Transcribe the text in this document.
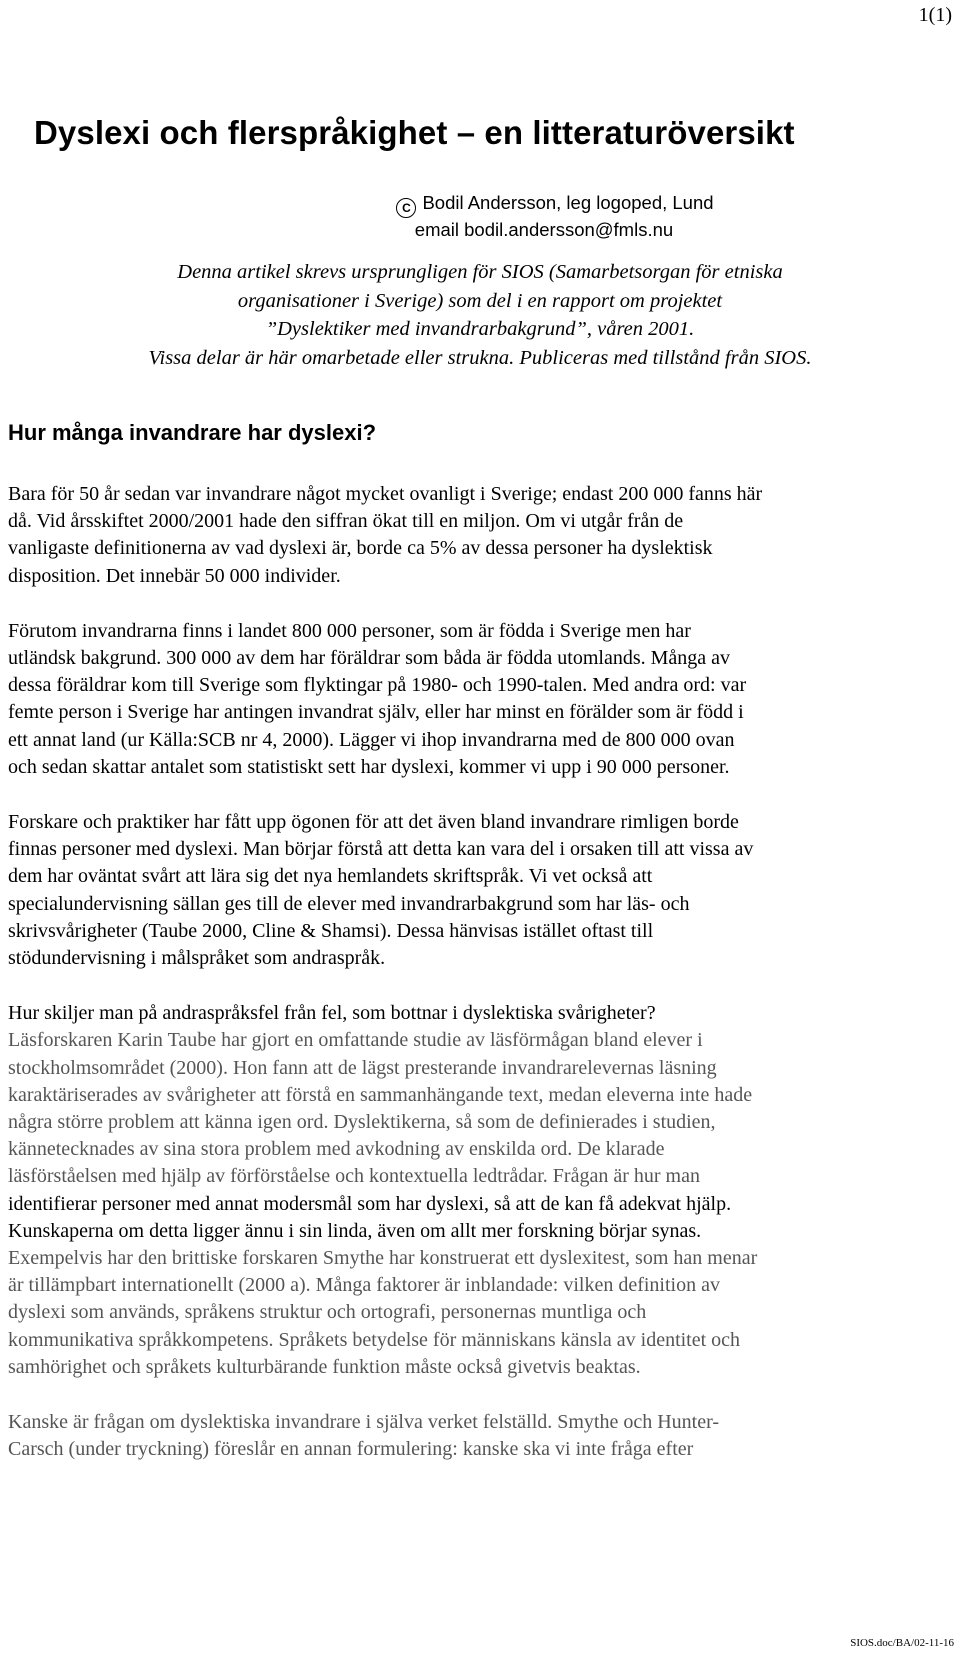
1(1)
Dyslexi och flerspråkighet – en litteraturöversikt
C Bodil Andersson, leg logoped, Lund
email bodil.andersson@fmls.nu

Denna artikel skrevs ursprungligen för SIOS (Samarbetsorgan för etniska

organisationer i Sverige) som del i en rapport om projektet

”Dyslektiker med invandrarbakgrund”, våren 2001.

Vissa delar är här omarbetade eller strukna. Publiceras med tillstånd från SIOS.

Hur många invandrare har dyslexi?

Bara för 50 år sedan var invandrare något mycket ovanligt i Sverige; endast 200 000 fanns här
då. Vid årsskiftet 2000/2001 hade den siffran ökat till en miljon. Om vi utgår från de
vanligaste definitionerna av vad dyslexi är, borde ca 5% av dessa personer ha dyslektisk
disposition. Det innebär 50 000 individer.

Förutom invandrarna finns i landet 800 000 personer, som är födda i Sverige men har
utländsk bakgrund. 300 000 av dem har föräldrar som båda är födda utomlands. Många av
dessa föräldrar kom till Sverige som flyktingar på 1980- och 1990-talen. Med andra ord: var
femte person i Sverige har antingen invandrat själv, eller har minst en förälder som är född i
ett annat land (ur Källa:SCB nr 4, 2000). Lägger vi ihop invandrarna med de 800 000 ovan
och sedan skattar antalet som statistiskt sett har dyslexi, kommer vi upp i 90 000 personer.

Forskare och praktiker har fått upp ögonen för att det även bland invandrare rimligen borde
finnas personer med dyslexi. Man börjar förstå att detta kan vara del i orsaken till att vissa av
dem har oväntat svårt att lära sig det nya hemlandets skriftspråk. Vi vet också att
specialundervisning sällan ges till de elever med invandrarbakgrund som har läs- och
skrivsvårigheter (Taube 2000, Cline & Shamsi). Dessa hänvisas istället oftast till
stödundervisning i målspråket som andraspråk.

Hur skiljer man på andraspråksfel från fel, som bottnar i dyslektiska svårigheter?
Läsforskaren Karin Taube har gjort en omfattande studie av läsförmågan bland elever i
stockholmsområdet (2000). Hon fann att de lägst presterande invandrarelevernas läsning
karaktäriserades av svårigheter att förstå en sammanhängande text, medan eleverna inte hade
några större problem att känna igen ord. Dyslektikerna, så som de definierades i studien,
kännetecknades av sina stora problem med avkodning av enskilda ord. De klarade
läsförståelsen med hjälp av förförståelse och kontextuella ledtrådar. Frågan är hur man
identifierar personer med annat modersmål som har dyslexi, så att de kan få adekvat hjälp.
Kunskaperna om detta ligger ännu i sin linda, även om allt mer forskning börjar synas.
Exempelvis har den brittiske forskaren Smythe har konstruerat ett dyslexitest, som han menar
är tillämpbart internationellt (2000 a). Många faktorer är inblandade: vilken definition av
dyslexi som används, språkens struktur och ortografi, personernas muntliga och
kommunikativa språkkompetens. Språkets betydelse för människans känsla av identitet och
samhörighet och språkets kulturbärande funktion måste också givetvis beaktas.

Kanske är frågan om dyslektiska invandrare i själva verket felställd. Smythe och Hunter-
Carsch (under tryckning) föreslår en annan formulering: kanske ska vi inte fråga efter

SIOS.doc/BA/02-11-16
